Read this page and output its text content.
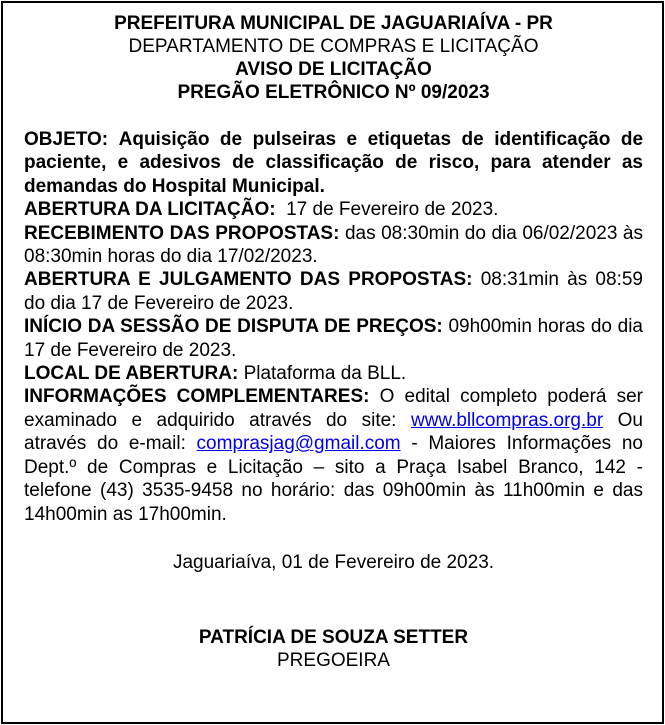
PREFEITURA MUNICIPAL DE JAGUARIAÍVA - PR
DEPARTAMENTO DE COMPRAS E LICITAÇÃO
AVISO DE LICITAÇÃO
PREGÃO ELETRÔNICO Nº 09/2023

OBJETO: Aquisição de pulseiras e etiquetas de identificação de paciente, e adesivos de classificação de risco, para atender as demandas do Hospital Municipal.

ABERTURA DA LICITAÇÃO: 17 de Fevereiro de 2023.

RECEBIMENTO DAS PROPOSTAS: das 08:30min do dia 06/02/2023 às 08:30min horas do dia 17/02/2023.

ABERTURA E JULGAMENTO DAS PROPOSTAS: 08:31min às 08:59 do dia 17 de Fevereiro de 2023.

INÍCIO DA SESSÃO DE DISPUTA DE PREÇOS: 09h00min horas do dia 17 de Fevereiro de 2023.

LOCAL DE ABERTURA: Plataforma da BLL.

INFORMAÇÕES COMPLEMENTARES: O edital completo poderá ser examinado e adquirido através do site: www.bllcompras.org.br Ou através do e-mail: comprasjag@gmail.com - Maiores Informações no Dept.º de Compras e Licitação – sito a Praça Isabel Branco, 142 - telefone (43) 3535-9458 no horário: das 09h00min às 11h00min e das 14h00min as 17h00min.

Jaguariaíva, 01 de Fevereiro de 2023.
PATRÍCIA DE SOUZA SETTER
PREGOEIRA
